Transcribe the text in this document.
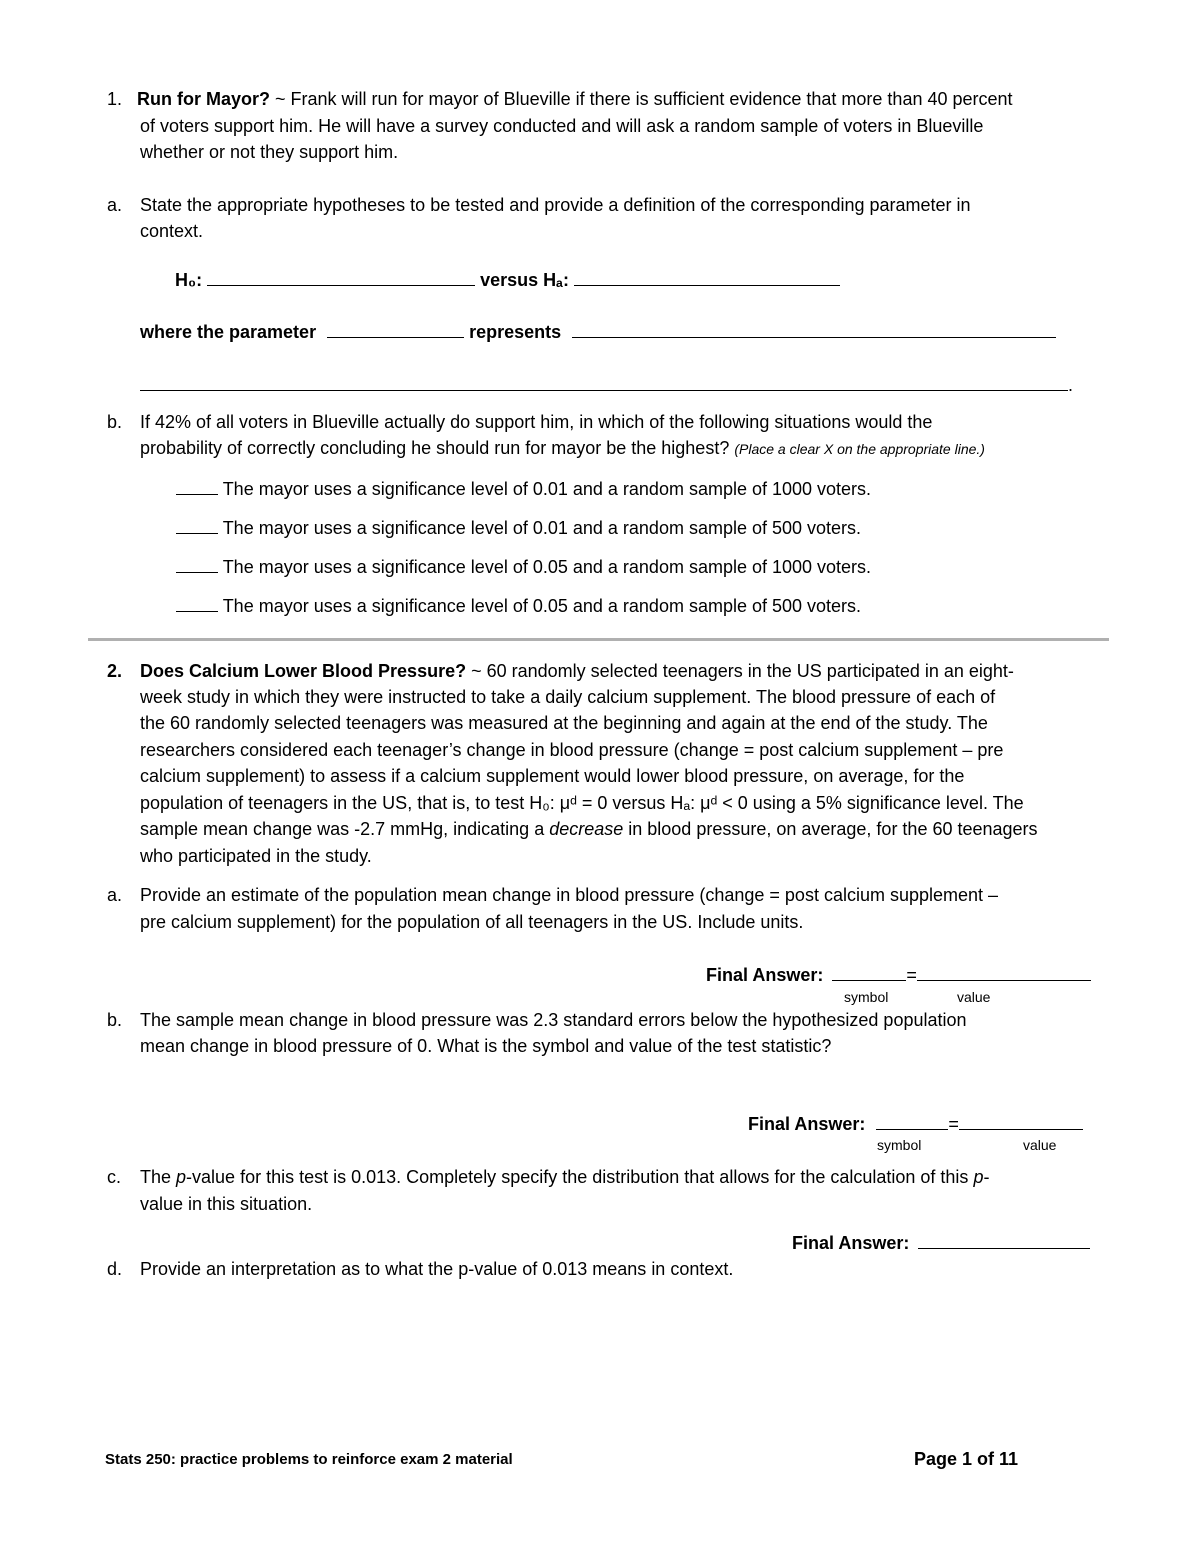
1. Run for Mayor? ~ Frank will run for mayor of Blueville if there is sufficient evidence that more than 40 percent
of voters support him. He will have a survey conducted and will ask a random sample of voters in Blueville
whether or not they support him.
a. State the appropriate hypotheses to be tested and provide a definition of the corresponding parameter in
context.
H₀:	versus Hₐ:
where the parameter	represents
.
b. If 42% of all voters in Blueville actually do support him, in which of the following situations would the
probability of correctly concluding he should run for mayor be the highest? (Place a clear X on the appropriate line.)
The mayor uses a significance level of 0.01 and a random sample of 1000 voters.
The mayor uses a significance level of 0.01 and a random sample of 500 voters.
The mayor uses a significance level of 0.05 and a random sample of 1000 voters.
The mayor uses a significance level of 0.05 and a random sample of 500 voters.
2. Does Calcium Lower Blood Pressure? ~ 60 randomly selected teenagers in the US participated in an eight-
week study in which they were instructed to take a daily calcium supplement. The blood pressure of each of
the 60 randomly selected teenagers was measured at the beginning and again at the end of the study. The
researchers considered each teenager’s change in blood pressure (change = post calcium supplement – pre
calcium supplement) to assess if a calcium supplement would lower blood pressure, on average, for the
population of teenagers in the US, that is, to test H₀: μᵈ = 0 versus Hₐ: μᵈ < 0 using a 5% significance level. The
sample mean change was -2.7 mmHg, indicating a decrease in blood pressure, on average, for the 60 teenagers
who participated in the study.
a. Provide an estimate of the population mean change in blood pressure (change = post calcium supplement –
pre calcium supplement) for the population of all teenagers in the US. Include units.
Final Answer:	=
symbol	value
b. The sample mean change in blood pressure was 2.3 standard errors below the hypothesized population
mean change in blood pressure of 0. What is the symbol and value of the test statistic?
Final Answer:	=
symbol	value
c. The p-value for this test is 0.013. Completely specify the distribution that allows for the calculation of this p-
value in this situation.
Final Answer:
d. Provide an interpretation as to what the p-value of 0.013 means in context.
Stats 250: practice problems to reinforce exam 2 material	Page 1 of 11
